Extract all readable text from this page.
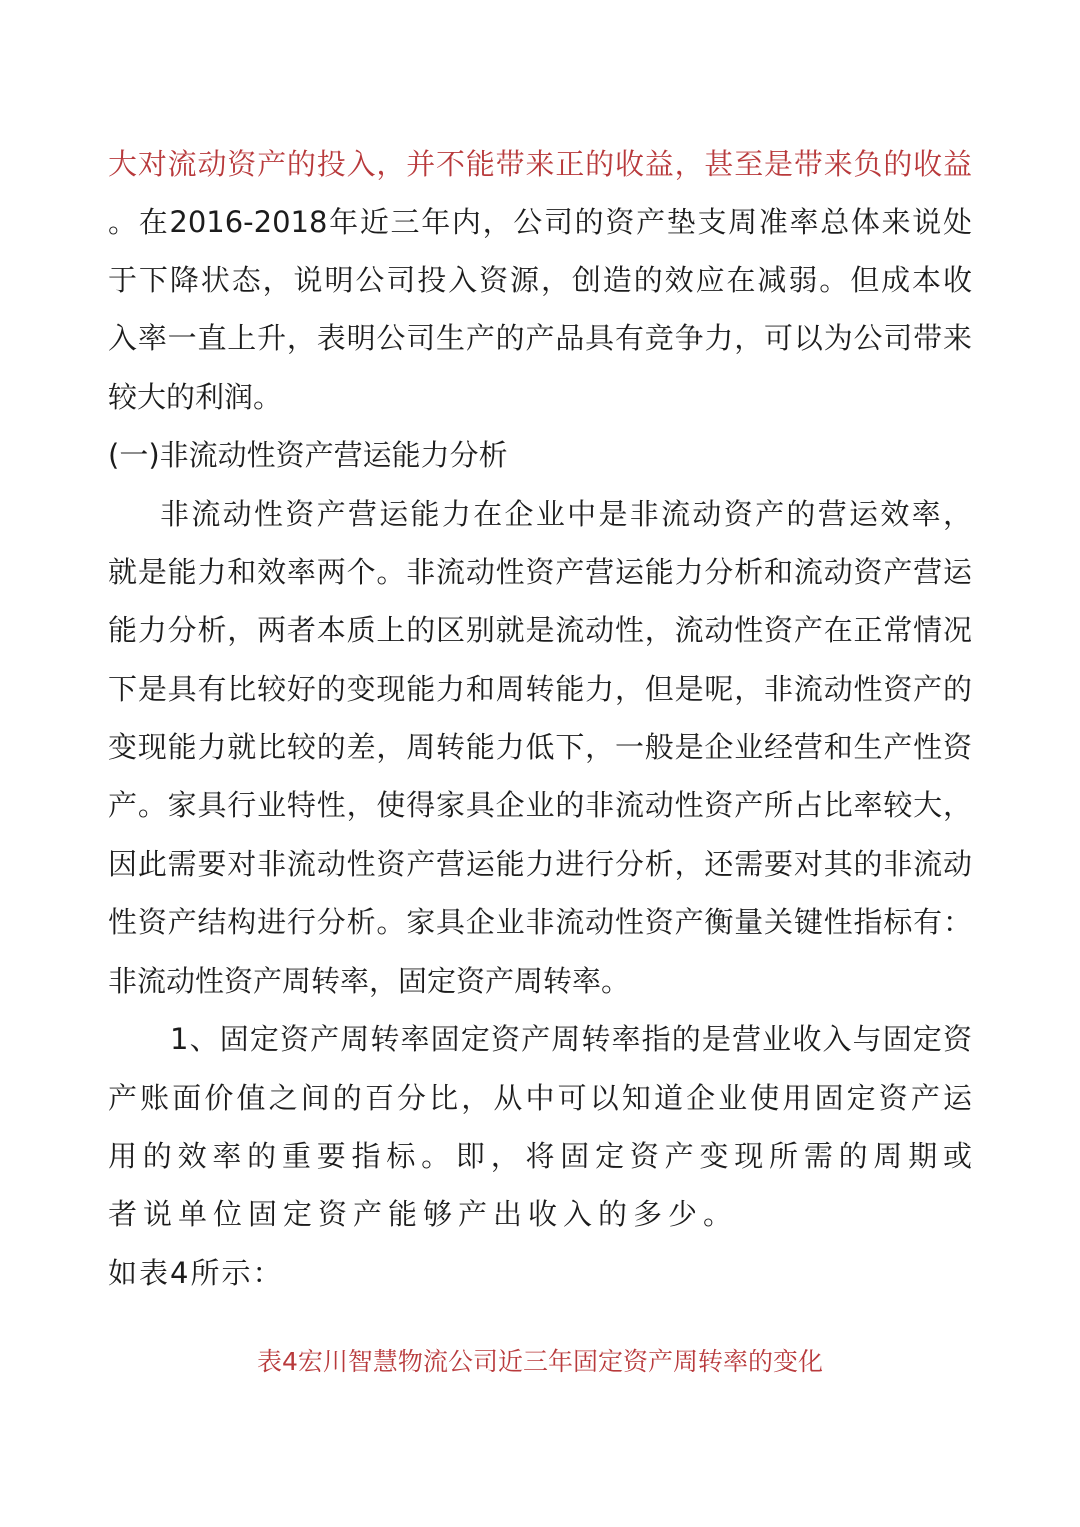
大对流动资产的投入，并不能带来正的收益，甚至是带来负的收益
。在2016-2018年近三年内，公司的资产垫支周准率总体来说处
于下降状态，说明公司投入资源，创造的效应在减弱。但成本收
入率一直上升，表明公司生产的产品具有竞争力，可以为公司带来
较大的利润。
(一)非流动性资产营运能力分析
非流动性资产营运能力在企业中是非流动资产的营运效率，
就是能力和效率两个。非流动性资产营运能力分析和流动资产营运
能力分析，两者本质上的区别就是流动性，流动性资产在正常情况
下是具有比较好的变现能力和周转能力，但是呢，非流动性资产的
变现能力就比较的差，周转能力低下，一般是企业经营和生产性资
产。家具行业特性，使得家具企业的非流动性资产所占比率较大，
因此需要对非流动性资产营运能力进行分析，还需要对其的非流动
性资产结构进行分析。家具企业非流动性资产衡量关键性指标有：
非流动性资产周转率，固定资产周转率。
1、固定资产周转率固定资产周转率指的是营业收入与固定资
产账面价值之间的百分比，从中可以知道企业使用固定资产运
用的效率的重要指标。即，将固定资产变现所需的周期或
者说单位固定资产能够产出收入的多少。
如表4所示：
表4宏川智慧物流公司近三年固定资产周转率的变化
